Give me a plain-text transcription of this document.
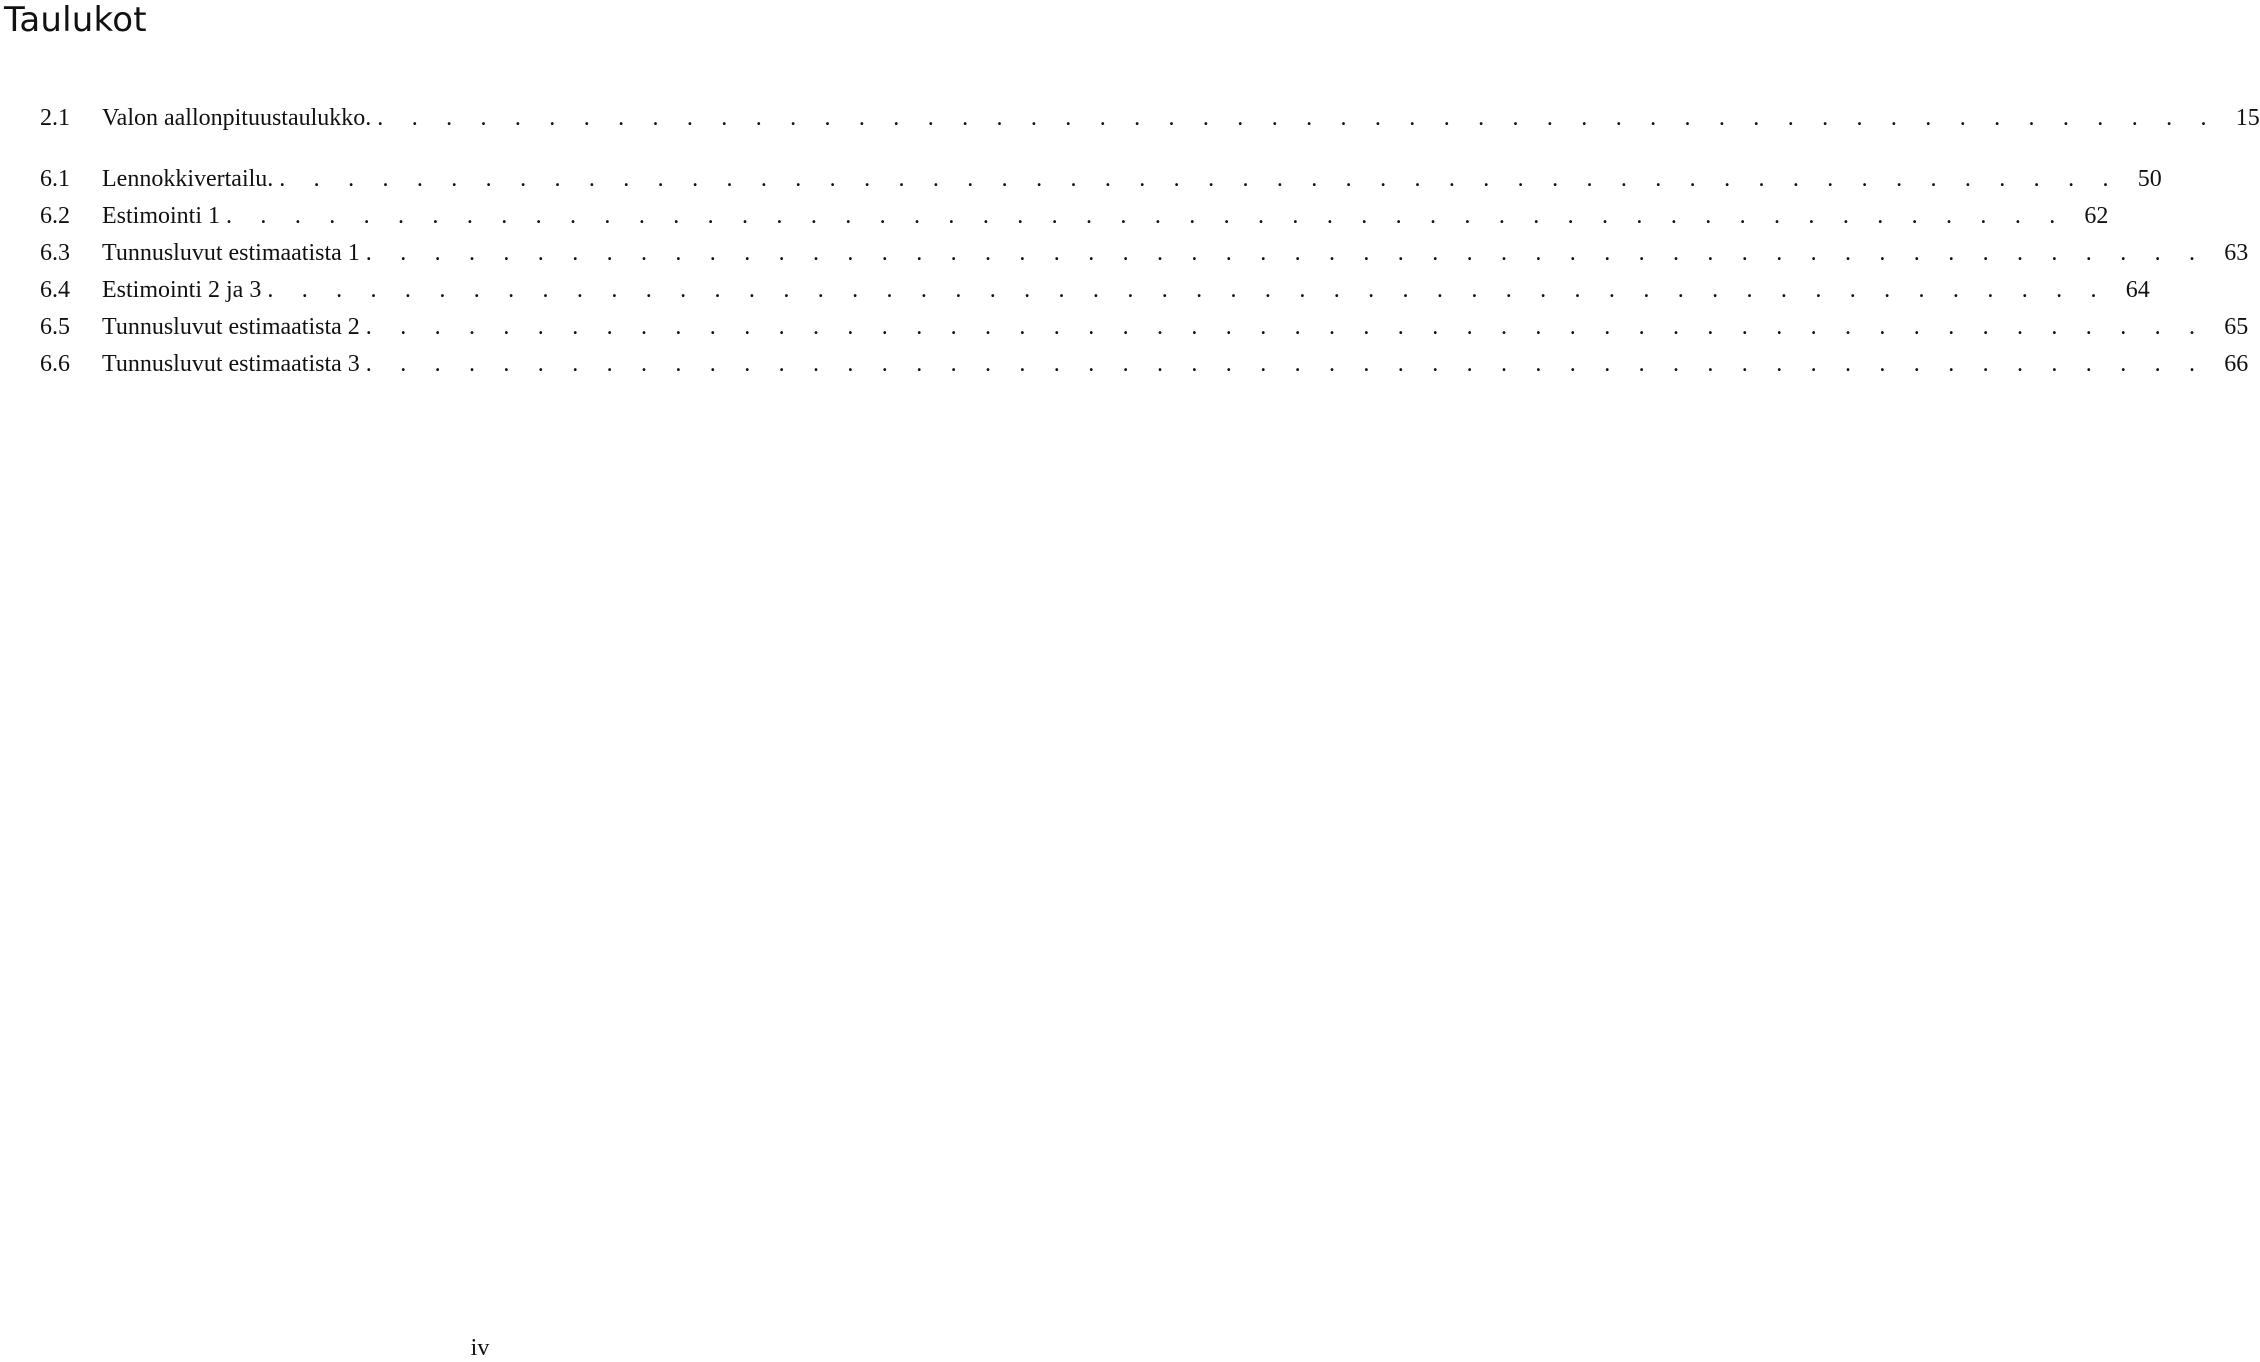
Taulukot
2.1	Valon aallonpituustaulukko. . . . . . . . . . . . . . . . . . . . . . . . . . . . . . . . . . . . . . . . . . . . . . . . . . . . . . . 15
6.1	Lennokkivertailu. . . . . . . . . . . . . . . . . . . . . . . . . . . . . . . . . . . . . . . . . . . . . . . . . . . . . . . 50
6.2	Estimointi 1 . . . . . . . . . . . . . . . . . . . . . . . . . . . . . . . . . . . . . . . . . . . . . . . . . . . . . . 62
6.3	Tunnusluvut estimaatista 1 . . . . . . . . . . . . . . . . . . . . . . . . . . . . . . . . . . . . . . . . . . . . . . . . . . . . . . 63
6.4	Estimointi 2 ja 3 . . . . . . . . . . . . . . . . . . . . . . . . . . . . . . . . . . . . . . . . . . . . . . . . . . . . . . 64
6.5	Tunnusluvut estimaatista 2 . . . . . . . . . . . . . . . . . . . . . . . . . . . . . . . . . . . . . . . . . . . . . . . . . . . . . . 65
6.6	Tunnusluvut estimaatista 3 . . . . . . . . . . . . . . . . . . . . . . . . . . . . . . . . . . . . . . . . . . . . . . . . . . . . . . 66
iv
